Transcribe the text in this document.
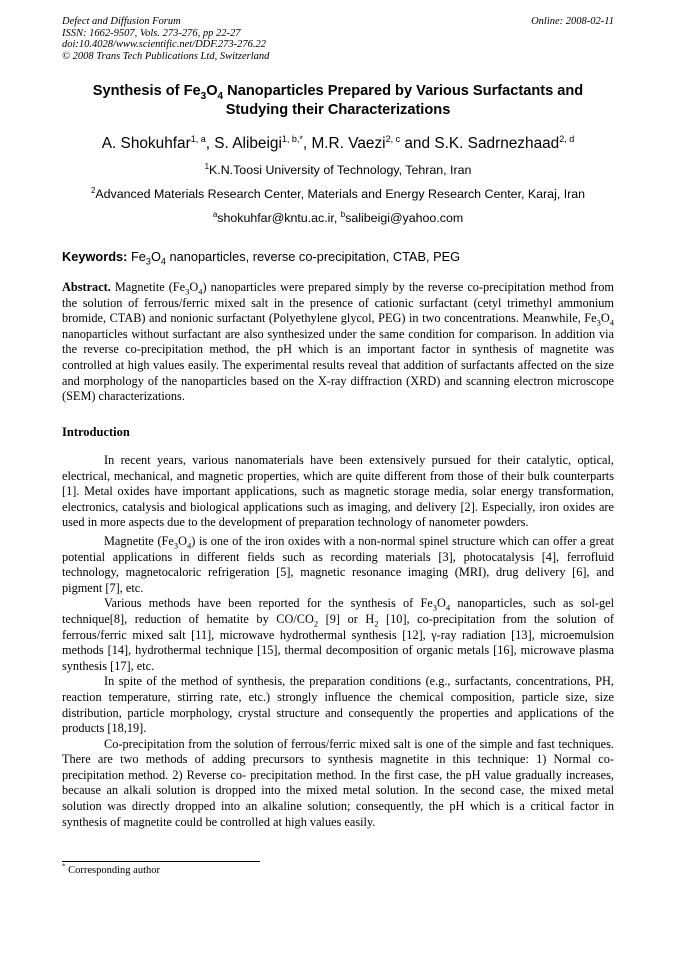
Defect and Diffusion Forum
ISSN: 1662-9507, Vols. 273-276, pp 22-27
doi:10.4028/www.scientific.net/DDF.273-276.22
© 2008 Trans Tech Publications Ltd, Switzerland
Online: 2008-02-11
Synthesis of $Fe_3O_4$ Nanoparticles Prepared by Various Surfactants and Studying their Characterizations
A. Shokuhfar$^{1, a}$, S. Alibeigi$^{1, b,*}$, M.R. Vaezi$^{2, c}$ and S.K. Sadrnezhaad$^{2, d}$
$^1$K.N.Toosi University of Technology, Tehran, Iran
$^2$Advanced Materials Research Center, Materials and Energy Research Center, Karaj, Iran
$^a$shokuhfar@kntu.ac.ir, $^b$salibeigi@yahoo.com
Keywords: $Fe_3O_4$ nanoparticles, reverse co-precipitation, CTAB, PEG
Abstract. Magnetite $(Fe_3O_4)$ nanoparticles were prepared simply by the reverse co-precipitation method from the solution of ferrous/ferric mixed salt in the presence of cationic surfactant (cetyl trimethyl ammonium bromide, CTAB) and nonionic surfactant (Polyethylene glycol, PEG) in two concentrations. Meanwhile, $Fe_3O_4$ nanoparticles without surfactant are also synthesized under the same condition for comparison. In addition via the reverse co-precipitation method, the pH which is an important factor in synthesis of magnetite was controlled at high values easily. The experimental results reveal that addition of surfactants affected on the size and morphology of the nanoparticles based on the X-ray diffraction (XRD) and scanning electron microscope (SEM) characterizations.
Introduction

In recent years, various nanomaterials have been extensively pursued for their catalytic, optical, electrical, mechanical, and magnetic properties, which are quite different from those of their bulk counterparts [1]. Metal oxides have important applications, such as magnetic storage media, solar energy transformation, electronics, catalysis and biological applications such as imaging, and delivery [2]. Especially, iron oxides are used in more aspects due to the development of preparation technology of nanometer powders.

Magnetite $(Fe_3O_4)$ is one of the iron oxides with a non-normal spinel structure which can offer a great potential applications in different fields such as recording materials [3], photocatalysis [4], ferrofluid technology, magnetocaloric refrigeration [5], magnetic resonance imaging (MRI), drug delivery [6], and pigment [7], etc.

Various methods have been reported for the synthesis of $Fe_3O_4$ nanoparticles, such as sol-gel technique[8], reduction of hematite by $CO/CO_2$ [9] or $H_2$ [10], co-precipitation from the solution of ferrous/ferric mixed salt [11], microwave hydrothermal synthesis [12], γ-ray radiation [13], microemulsion methods [14], hydrothermal technique [15], thermal decomposition of organic metals [16], microwave plasma synthesis [17], etc.

In spite of the method of synthesis, the preparation conditions (e.g., surfactants, concentrations, PH, reaction temperature, stirring rate, etc.) strongly influence the chemical composition, particle size, size distribution, particle morphology, crystal structure and consequently the properties and applications of the products [18,19].

Co-precipitation from the solution of ferrous/ferric mixed salt is one of the simple and fast techniques. There are two methods of adding precursors to synthesis magnetite in this technique: 1) Normal co- precipitation method. 2) Reverse co- precipitation method. In the first case, the pH value gradually increases, because an alkali solution is dropped into the mixed metal solution. In the second case, the mixed metal solution was directly dropped into an alkaline solution; consequently, the pH which is a critical factor in synthesis of magnetite could be controlled at high values easily.

* Corresponding author
